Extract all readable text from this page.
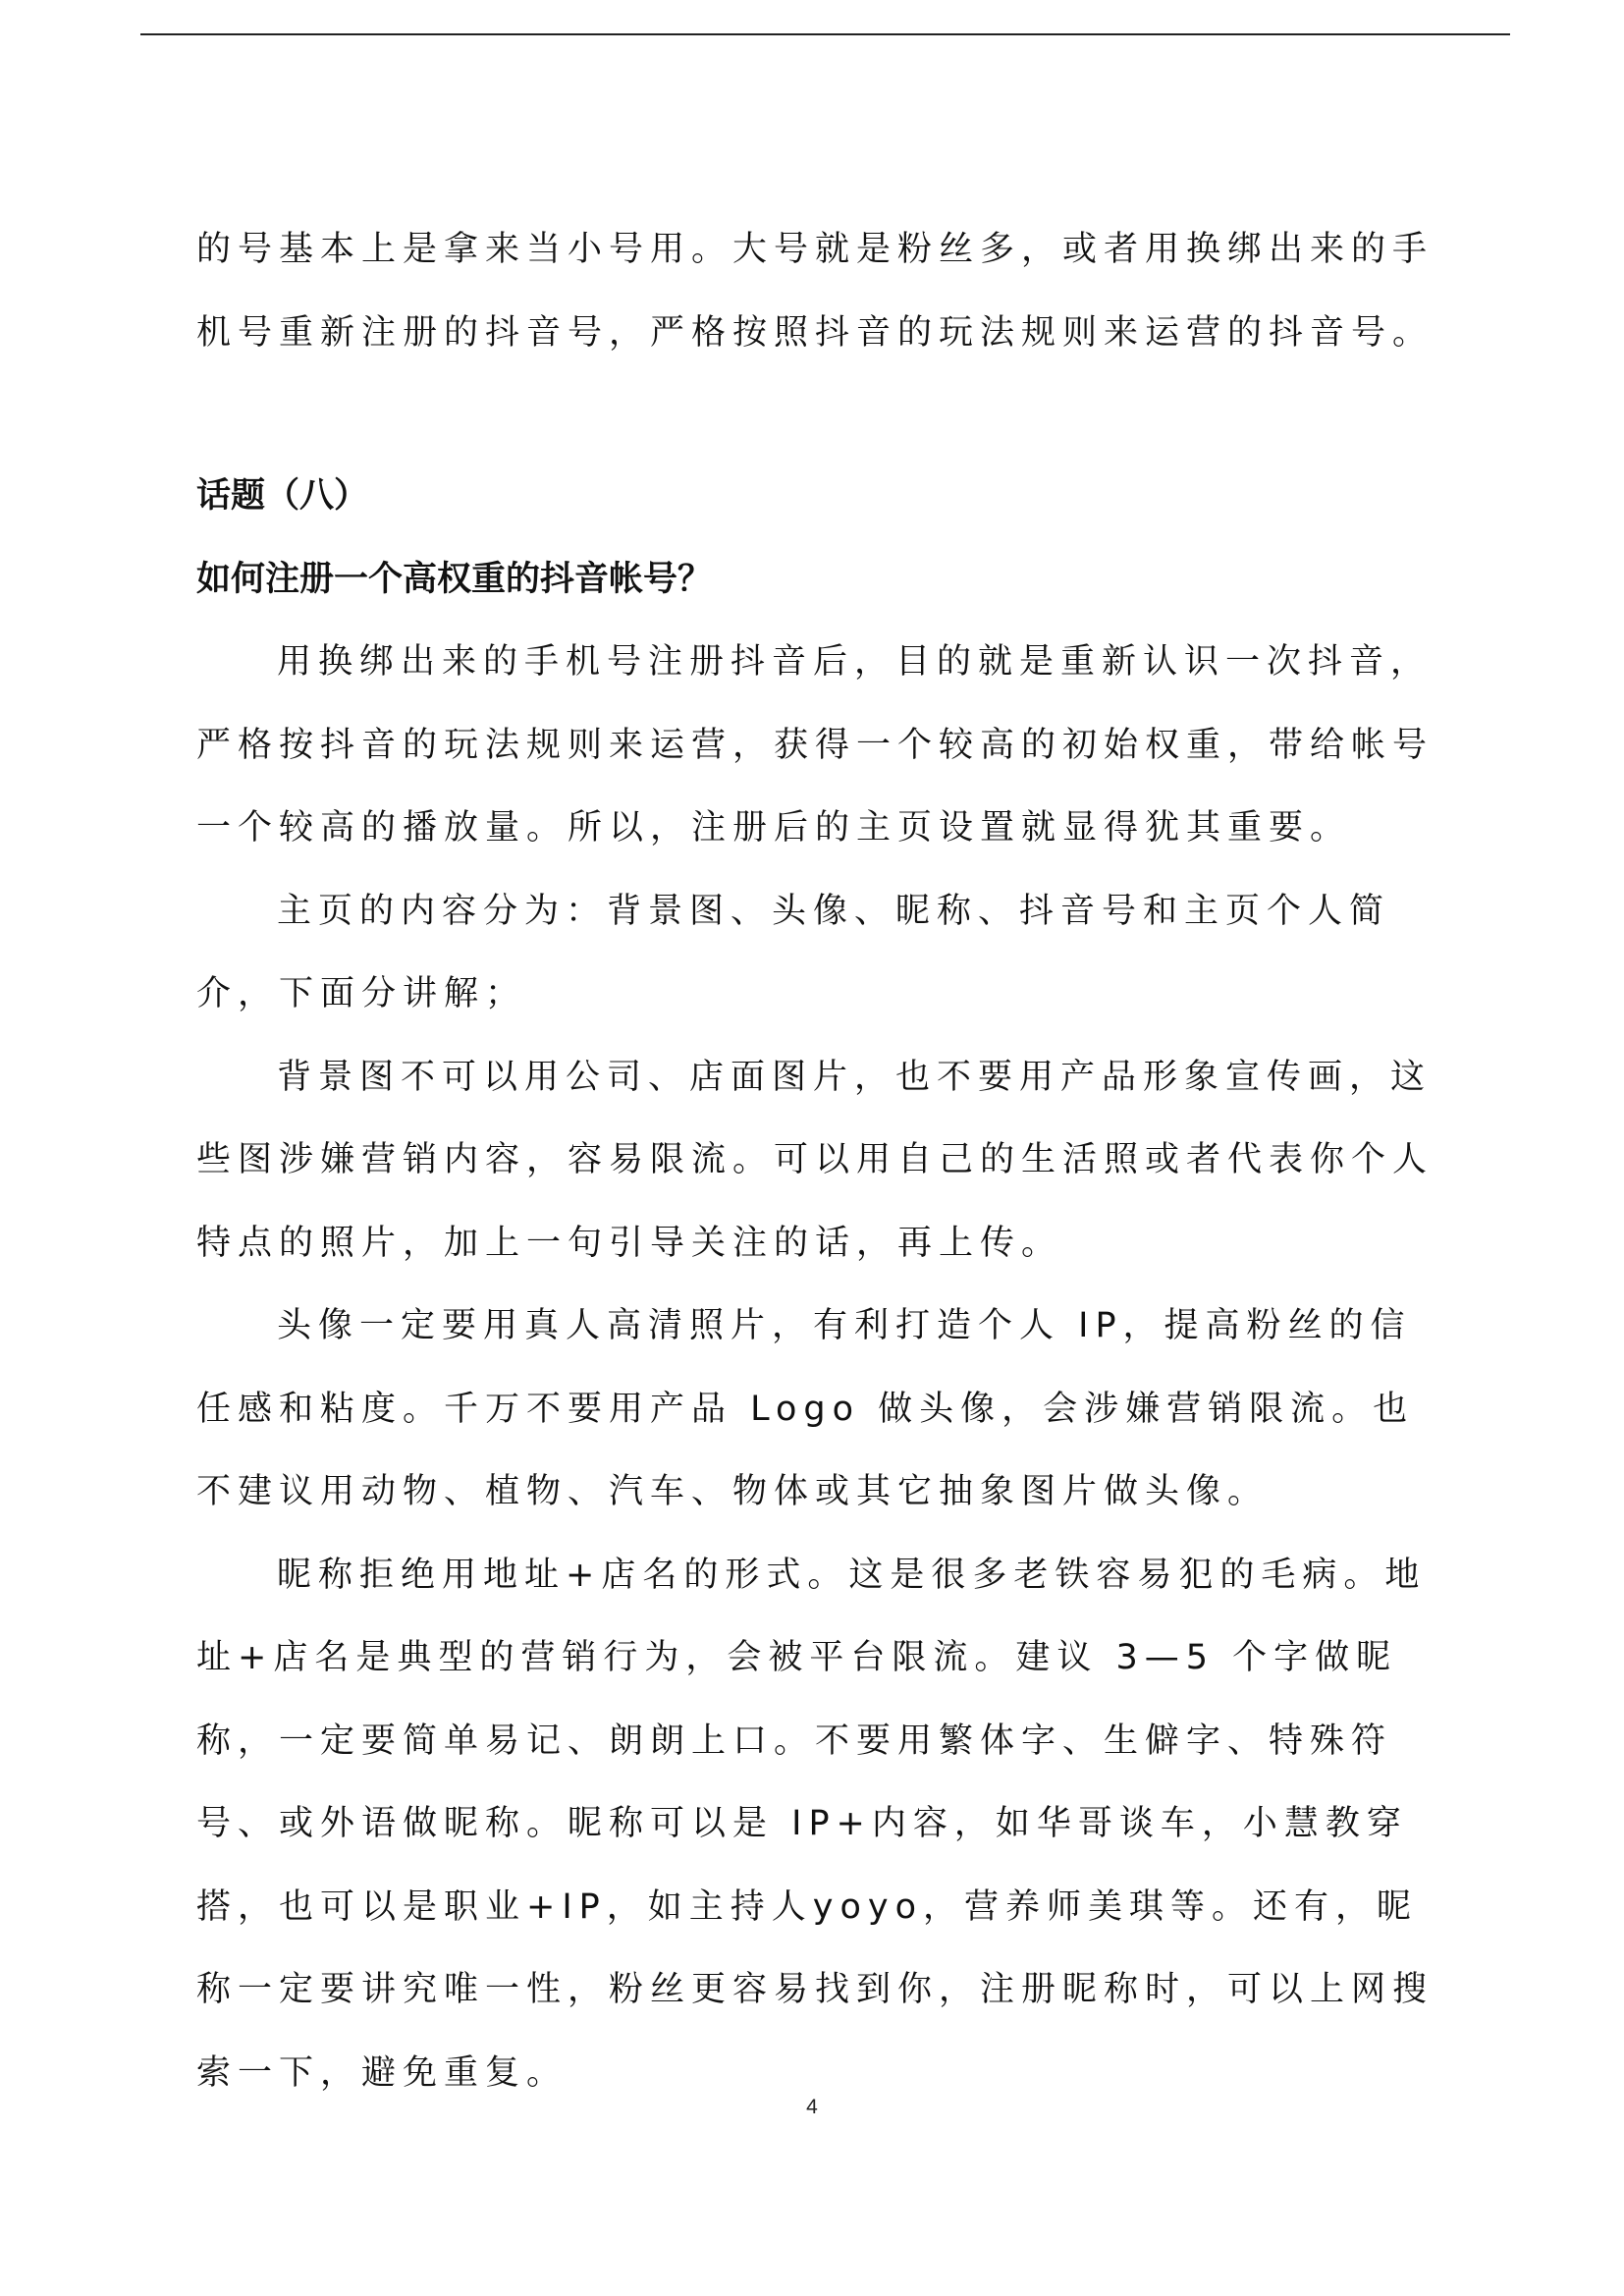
的号基本上是拿来当小号用。大号就是粉丝多，或者用换绑出来的手机号重新注册的抖音号，严格按照抖音的玩法规则来运营的抖音号。

话题（八）
如何注册一个高权重的抖音帐号？

用换绑出来的手机号注册抖音后，目的就是重新认识一次抖音，严格按抖音的玩法规则来运营，获得一个较高的初始权重，带给帐号一个较高的播放量。所以，注册后的主页设置就显得犹其重要。

主页的内容分为：背景图、头像、昵称、抖音号和主页个人简介，下面分讲解；

背景图不可以用公司、店面图片，也不要用产品形象宣传画，这些图涉嫌营销内容，容易限流。可以用自己的生活照或者代表你个人特点的照片，加上一句引导关注的话，再上传。

头像一定要用真人高清照片，有利打造个人 IP，提高粉丝的信任感和粘度。千万不要用产品 Logo 做头像，会涉嫌营销限流。也不建议用动物、植物、汽车、物体或其它抽象图片做头像。

昵称拒绝用地址+店名的形式。这是很多老铁容易犯的毛病。地址+店名是典型的营销行为，会被平台限流。建议 3—5 个字做昵称，一定要简单易记、朗朗上口。不要用繁体字、生僻字、特殊符号、或外语做昵称。昵称可以是 IP+内容，如华哥谈车，小慧教穿搭，也可以是职业+IP，如主持人yoyo，营养师美琪等。还有，昵称一定要讲究唯一性，粉丝更容易找到你，注册昵称时，可以上网搜索一下，避免重复。

4
